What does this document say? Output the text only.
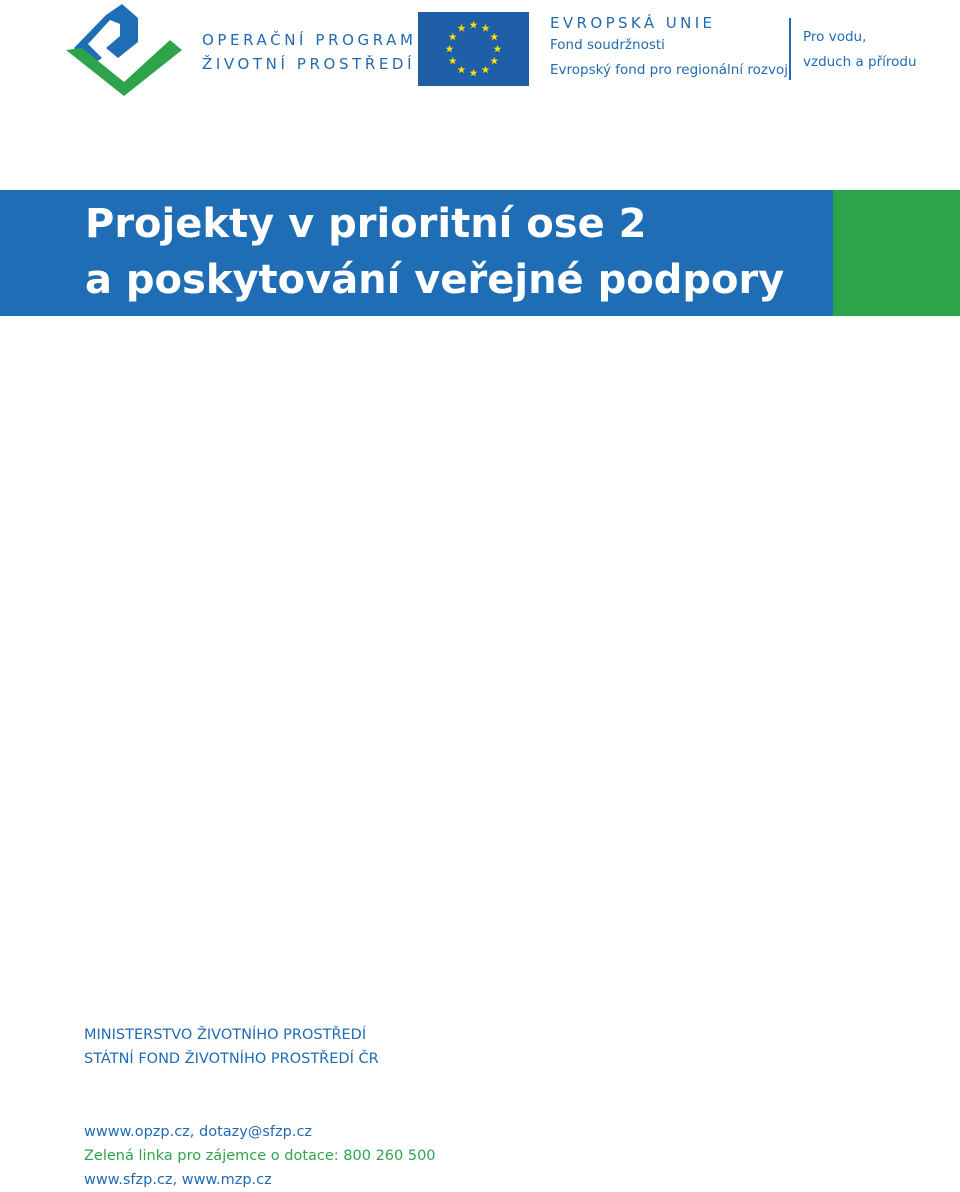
OPERAČNÍ PROGRAM
ŽIVOTNÍ PROSTŘEDÍ
EVROPSKÁ UNIE
Fond soudržnosti
Evropský fond pro regionální rozvoj
Pro vodu,
vzduch a přírodu
Projekty v prioritní ose 2
a poskytování veřejné podpory
MINISTERSTVO ŽIVOTNÍHO PROSTŘEDÍ
STÁTNÍ FOND ŽIVOTNÍHO PROSTŘEDÍ ČR
wwww.opzp.cz, dotazy@sfzp.cz
Zelená linka pro zájemce o dotace: 800 260 500
www.sfzp.cz, www.mzp.cz
